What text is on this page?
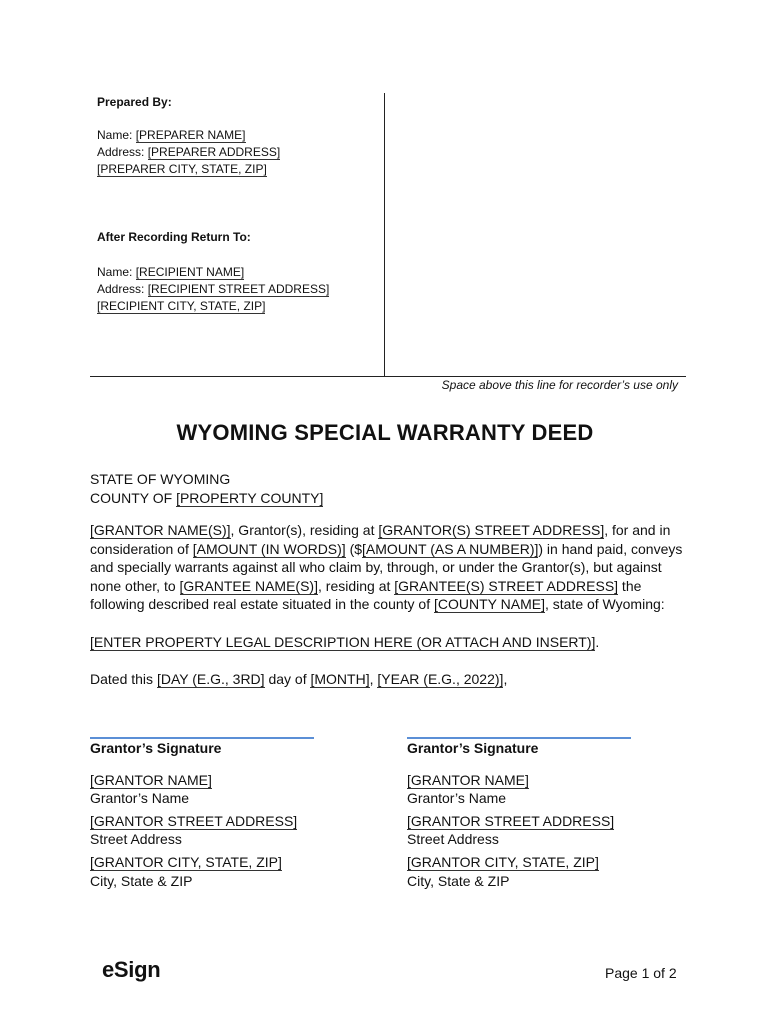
Prepared By:
Name: [PREPARER NAME]
Address: [PREPARER ADDRESS]
[PREPARER CITY, STATE, ZIP]
After Recording Return To:
Name: [RECIPIENT NAME]
Address: [RECIPIENT STREET ADDRESS]
[RECIPIENT CITY, STATE, ZIP]
Space above this line for recorder’s use only
WYOMING SPECIAL WARRANTY DEED
STATE OF WYOMING
COUNTY OF [PROPERTY COUNTY]
[GRANTOR NAME(S)], Grantor(s), residing at [GRANTOR(S) STREET ADDRESS], for and in consideration of [AMOUNT (IN WORDS)] ($[AMOUNT (AS A NUMBER)]) in hand paid, conveys and specially warrants against all who claim by, through, or under the Grantor(s), but against none other, to [GRANTEE NAME(S)], residing at [GRANTEE(S) STREET ADDRESS] the following described real estate situated in the county of [COUNTY NAME], state of Wyoming:
[ENTER PROPERTY LEGAL DESCRIPTION HERE (OR ATTACH AND INSERT)].
Dated this [DAY (E.G., 3RD] day of [MONTH], [YEAR (E.G., 2022)],
Grantor’s Signature
[GRANTOR NAME]
Grantor’s Name
[GRANTOR STREET ADDRESS]
Street Address
[GRANTOR CITY, STATE, ZIP]
City, State & ZIP
Grantor’s Signature
[GRANTOR NAME]
Grantor’s Name
[GRANTOR STREET ADDRESS]
Street Address
[GRANTOR CITY, STATE, ZIP]
City, State & ZIP
eSign	Page 1 of 2
